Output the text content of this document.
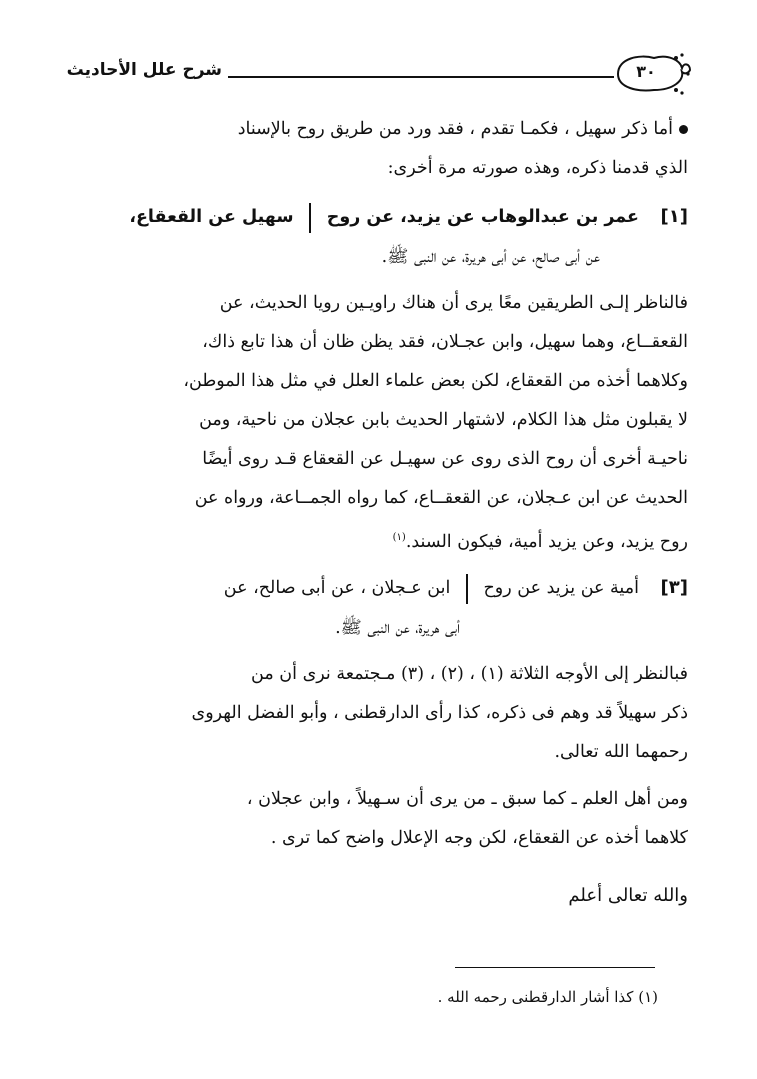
شرح علل الأحاديث	٣٠

أما ذكر سهيل ، فكمـا تقدم ، فقد ورد من طريق روح بالإسناد

الذي قدمنا ذكره، وهذه صورته مرة أخرى:

[١] عمر بن عبدالوهاب عن يزيد، عن روح  سهيل عن القعقاع،
عن أبى صالح، عن أبى هريرة، عن النبى ﷺ.

فالناظر إلـى الطريقين معًا يرى أن هناك راويـين رويا الحديث، عن

القعقــاع، وهما سهيل، وابن عجـلان، فقد يظن ظان أن هذا تابع ذاك،

وكلاهما أخذه من القعقاع، لكن بعض علماء العلل في مثل هذا الموطن،

لا يقبلون مثل هذا الكلام، لاشتهار الحديث بابن عجلان من ناحية، ومن

ناحيـة أخرى أن روح الذى روى عن سهيـل عن القعقاع قـد روى أيضًا

الحديث عن ابن عـجلان، عن القعقــاع، كما رواه الجمــاعة، ورواه عن

روح يزيد، وعن يزيد أمية، فيكون السند.$^{(١)}$

[٣] أمية عن يزيد عن روح  ابن عـجلان ، عن أبى صالح، عن
أبى هريرة، عن النبى ﷺ.

فبالنظر إلى الأوجه الثلاثة (١) ، (٢) ، (٣) مـجتمعة نرى أن من

ذكر سهيلاً قد وهم فى ذكره، كذا رأى الدارقطنى ، وأبو الفضل الهروى

رحمهما الله تعالى.

ومن أهل العلم ـ كما سبق ـ من يرى أن سـهيلاً ، وابن عجلان ،

كلاهما أخذه عن القعقاع، لكن وجه الإعلال واضح كما ترى .

والله تعالى أعلم
(١) كذا أشار الدارقطنى رحمه الله .
